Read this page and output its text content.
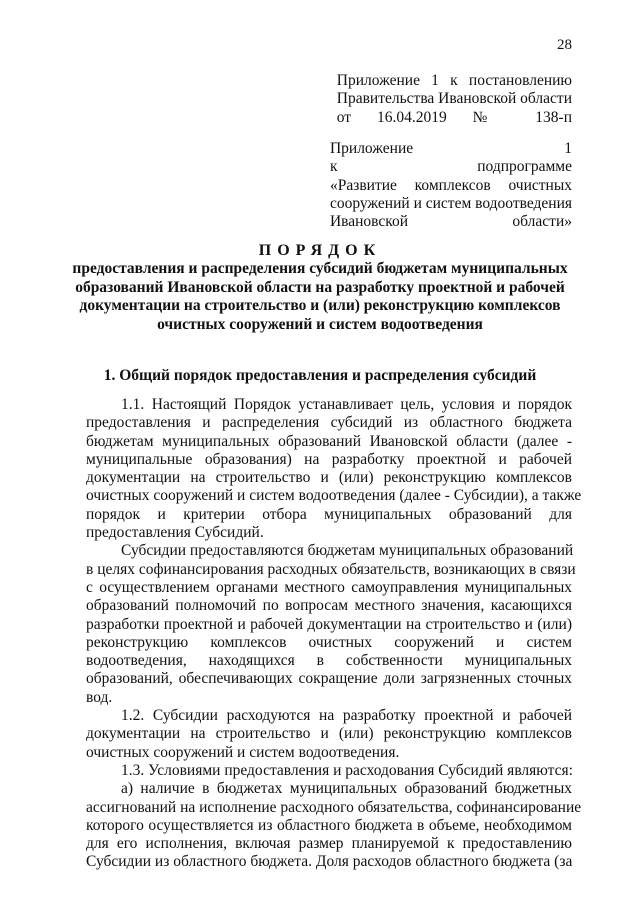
28
Приложение 1 к постановлению
Правительства Ивановской области
от 16.04.2019 № 138-п
Приложение 1
к подпрограмме
«Развитие комплексов очистных
сооружений и систем водоотведения
Ивановской области»
ПОРЯДОК
предоставления и распределения субсидий бюджетам муниципальных
образований Ивановской области на разработку проектной и рабочей
документации на строительство и (или) реконструкцию комплексов
очистных сооружений и систем водоотведения
1. Общий порядок предоставления и распределения субсидий
1.1. Настоящий Порядок устанавливает цель, условия и порядок
предоставления и распределения субсидий из областного бюджета
бюджетам муниципальных образований Ивановской области (далее -
муниципальные образования) на разработку проектной и рабочей
документации на строительство и (или) реконструкцию комплексов
очистных сооружений и систем водоотведения (далее - Субсидии), а также
порядок и критерии отбора муниципальных образований для
предоставления Субсидий.
Субсидии предоставляются бюджетам муниципальных образований
в целях софинансирования расходных обязательств, возникающих в связи
с осуществлением органами местного самоуправления муниципальных
образований полномочий по вопросам местного значения, касающихся
разработки проектной и рабочей документации на строительство и (или)
реконструкцию комплексов очистных сооружений и систем
водоотведения, находящихся в собственности муниципальных
образований, обеспечивающих сокращение доли загрязненных сточных
вод.
1.2. Субсидии расходуются на разработку проектной и рабочей
документации на строительство и (или) реконструкцию комплексов
очистных сооружений и систем водоотведения.
1.3. Условиями предоставления и расходования Субсидий являются:
а) наличие в бюджетах муниципальных образований бюджетных
ассигнований на исполнение расходного обязательства, софинансирование
которого осуществляется из областного бюджета в объеме, необходимом
для его исполнения, включая размер планируемой к предоставлению
Субсидии из областного бюджета. Доля расходов областного бюджета (за
